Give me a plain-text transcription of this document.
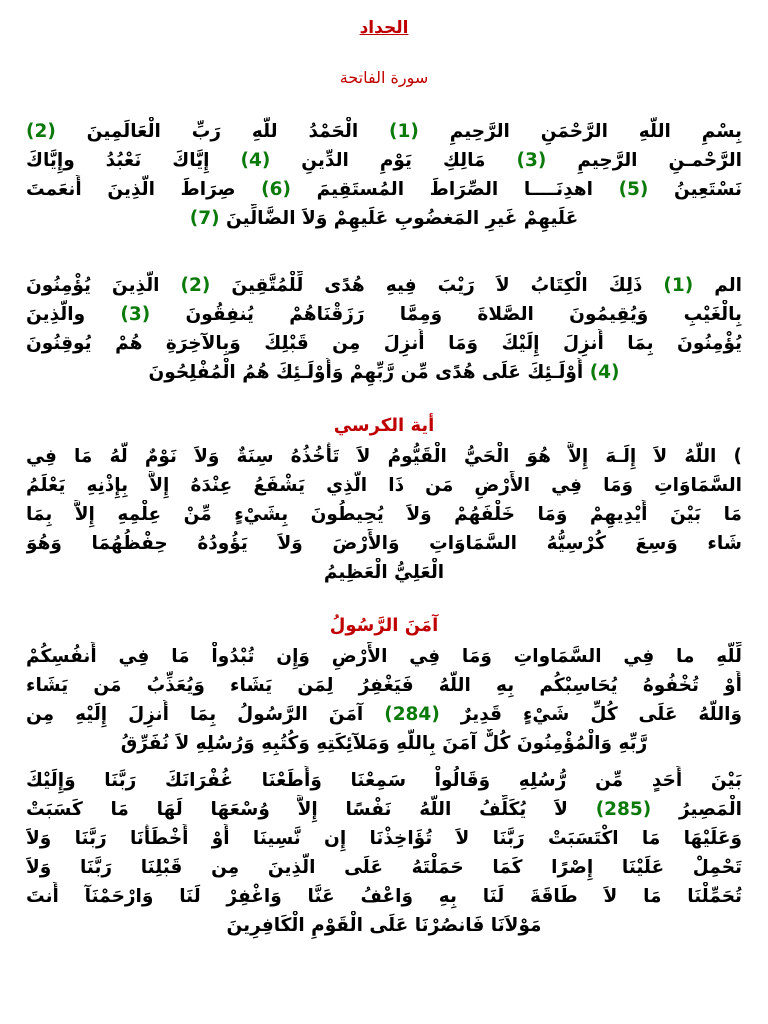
الحداد
سورة الفاتحة
بِسْمِ اللّهِ الرَّحْمَنِ الرَّحِيمِ (1) الْحَمْدُ للّهِ رَبِّ الْعَالَمِينَ (2)
الرَّحْمـنِ الرَّحِيمِ (3) مَالِكِ يَوْمِ الدِّينِ (4) إِيَّاكَ نَعْبُدُ وإِيَّاكَ
نَسْتَعِينُ (5) اهدِنَــــا الصِّرَاطَ المُستَقِيمَ (6) صِرَاطَ الَّذِينَ أَنعَمتَ
عَلَيهِمْ غَيرِ المَغضُوبِ عَلَيهِمْ وَلاَ الضَّالِّينَ (7)
الم (1) ذَلِكَ الْكِتَابُ لاَ رَيْبَ فِيهِ هُدًى لِّلْمُتَّقِينَ (2) الَّذِينَ يُؤْمِنُونَ
بِالْغَيْبِ وَيُقِيمُونَ الصَّلاةَ وَمِمَّا رَزَقْنَاهُمْ يُنفِقُونَ (3) والَّذِينَ
يُؤْمِنُونَ بِمَا أُنزِلَ إِلَيْكَ وَمَا أُنزِلَ مِن قَبْلِكَ وَبِالآخِرَةِ هُمْ يُوقِنُونَ
(4) أُوْلَـئِكَ عَلَى هُدًى مِّن رَّبِّهِمْ وَأُوْلَـئِكَ هُمُ الْمُفْلِحُونَ
أية الكرسي
) اللّهُ لاَ إِلَـهَ إِلاَّ هُوَ الْحَيُّ الْقَيُّومُ لاَ تَأْخُذُهُ سِنَةٌ وَلاَ نَوْمٌ لَّهُ مَا فِي
السَّمَاوَاتِ وَمَا فِي الأَرْضِ مَن ذَا الَّذِي يَشْفَعُ عِنْدَهُ إِلاَّ بِإِذْنِهِ يَعْلَمُ
مَا بَيْنَ أَيْدِيهِمْ وَمَا خَلْفَهُمْ وَلاَ يُحِيطُونَ بِشَيْءٍ مِّنْ عِلْمِهِ إِلاَّ بِمَا
شَاء وَسِعَ كُرْسِيُّهُ السَّمَاوَاتِ وَالأَرْضَ وَلاَ يَؤُودُهُ حِفْظُهُمَا وَهُوَ
الْعَلِيُّ الْعَظِيمُ
آمَنَ الرَّسُولُ
لِّلَّهِ ما فِي السَّمَاواتِ وَمَا فِي الأَرْضِ وَإِن تُبْدُواْ مَا فِي أَنفُسِكُمْ
أَوْ تُخْفُوهُ يُحَاسِبْكُم بِهِ اللّهُ فَيَغْفِرُ لِمَن يَشَاء وَيُعَذِّبُ مَن يَشَاء
وَاللّهُ عَلَى كُلِّ شَيْءٍ قَدِيرٌ (284) آمَنَ الرَّسُولُ بِمَا أُنزِلَ إِلَيْهِ مِن
رَّبِّهِ وَالْمُؤْمِنُونَ كُلٌّ آمَنَ بِاللّهِ وَمَلآئِكَتِهِ وَكُتُبِهِ وَرُسُلِهِ لاَ نُفَرِّقُ
بَيْنَ أَحَدٍ مِّن رُّسُلِهِ وَقَالُواْ سَمِعْنَا وَأَطَعْنَا غُفْرَانَكَ رَبَّنَا وَإِلَيْكَ
الْمَصِيرُ (285) لاَ يُكَلِّفُ اللّهُ نَفْسًا إِلاَّ وُسْعَهَا لَهَا مَا كَسَبَتْ
وَعَلَيْهَا مَا اكْتَسَبَتْ رَبَّنَا لاَ تُؤَاخِذْنَا إِن نَّسِينَا أَوْ أَخْطَأْنَا رَبَّنَا وَلاَ
تَحْمِلْ عَلَيْنَا إِصْرًا كَمَا حَمَلْتَهُ عَلَى الَّذِينَ مِن قَبْلِنَا رَبَّنَا وَلاَ
تُحَمِّلْنَا مَا لاَ طَاقَةَ لَنَا بِهِ وَاعْفُ عَنَّا وَاغْفِرْ لَنَا وَارْحَمْنَآ أَنتَ
مَوْلاَنَا فَانصُرْنَا عَلَى الْقَوْمِ الْكَافِرِينَ
